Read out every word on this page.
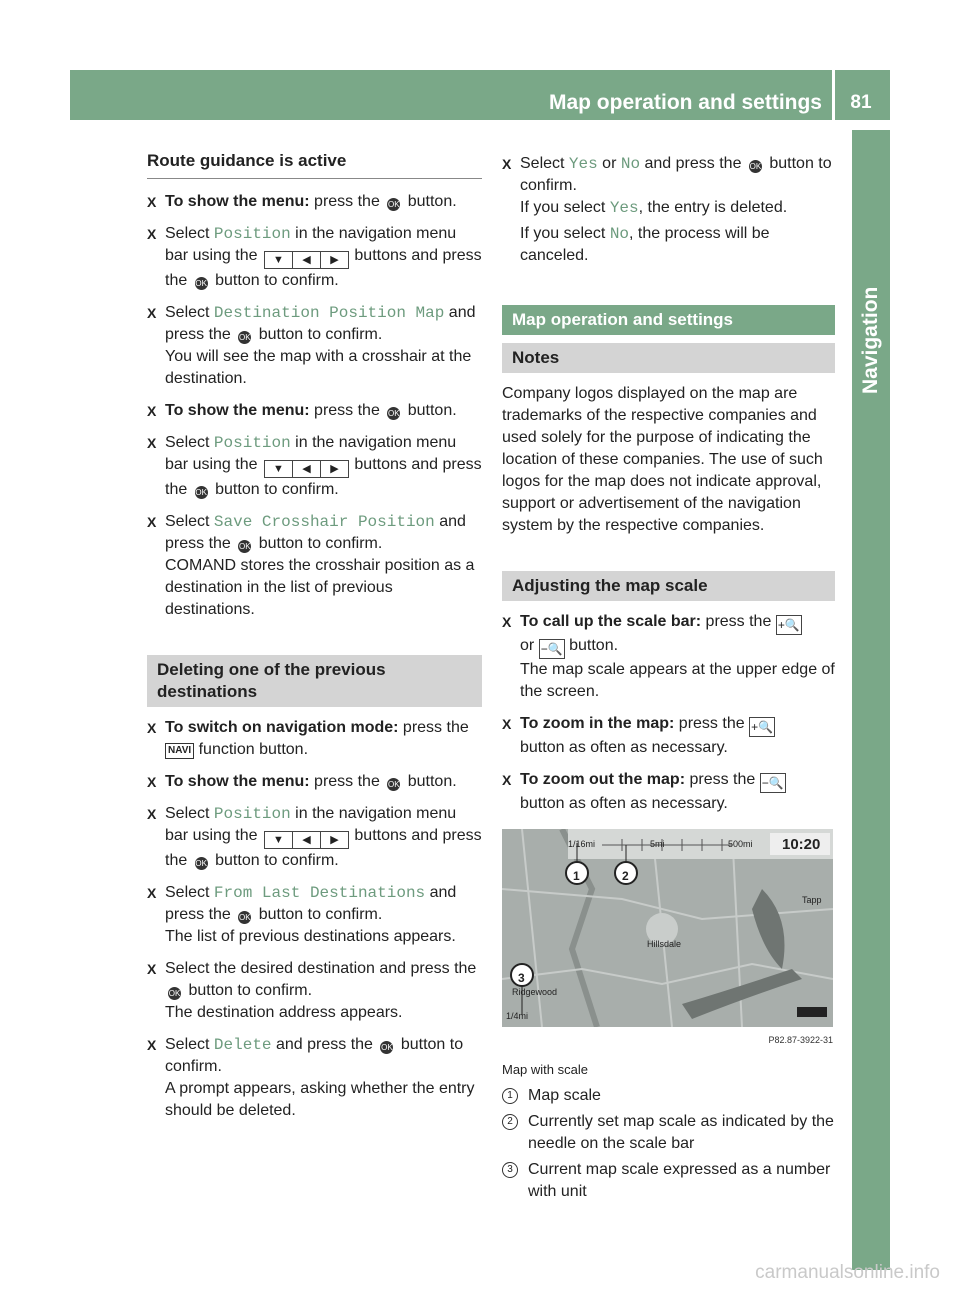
Map operation and settings	81
Navigation
Route guidance is active
X To show the menu: press the OK button.
X Select Position in the navigation menu bar using the ▼ ◀ ▶ buttons and press the OK button to confirm.
X Select Destination Position Map and press the OK button to confirm.
You will see the map with a crosshair at the destination.
X To show the menu: press the OK button.
X Select Position in the navigation menu bar using the ▼ ◀ ▶ buttons and press the OK button to confirm.
X Select Save Crosshair Position and press the OK button to confirm.
COMAND stores the crosshair position as a destination in the list of previous destinations.
Deleting one of the previous destinations
X To switch on navigation mode: press the NAVI function button.
X To show the menu: press the OK button.
X Select Position in the navigation menu bar using the ▼ ◀ ▶ buttons and press the OK button to confirm.
X Select From Last Destinations and press the OK button to confirm.
The list of previous destinations appears.
X Select the desired destination and press the OK button to confirm.
The destination address appears.
X Select Delete and press the OK button to confirm.
A prompt appears, asking whether the entry should be deleted.
X Select Yes or No and press the OK button to confirm.
If you select Yes, the entry is deleted.
If you select No, the process will be canceled.
Map operation and settings
Notes

Company logos displayed on the map are trademarks of the respective companies and used solely for the purpose of indicating the location of these companies. The use of such logos for the map does not indicate approval, support or advertisement of the navigation system by the respective companies.

Adjusting the map scale
X To call up the scale bar: press the +🔍
or −🔍 button.
The map scale appears at the upper edge of the screen.
X To zoom in the map: press the +🔍
button as often as necessary.
X To zoom out the map: press the −🔍
button as often as necessary.
1/16mi	5mi	500mi 10:20
Tapp
Hillsdale
Ridgewood
1/4mi
1	2
3
P82.87-3922-31
Map with scale
1 Map scale
2 Currently set map scale as indicated by the needle on the scale bar
3 Current map scale expressed as a number with unit
carmanualsonline.info
